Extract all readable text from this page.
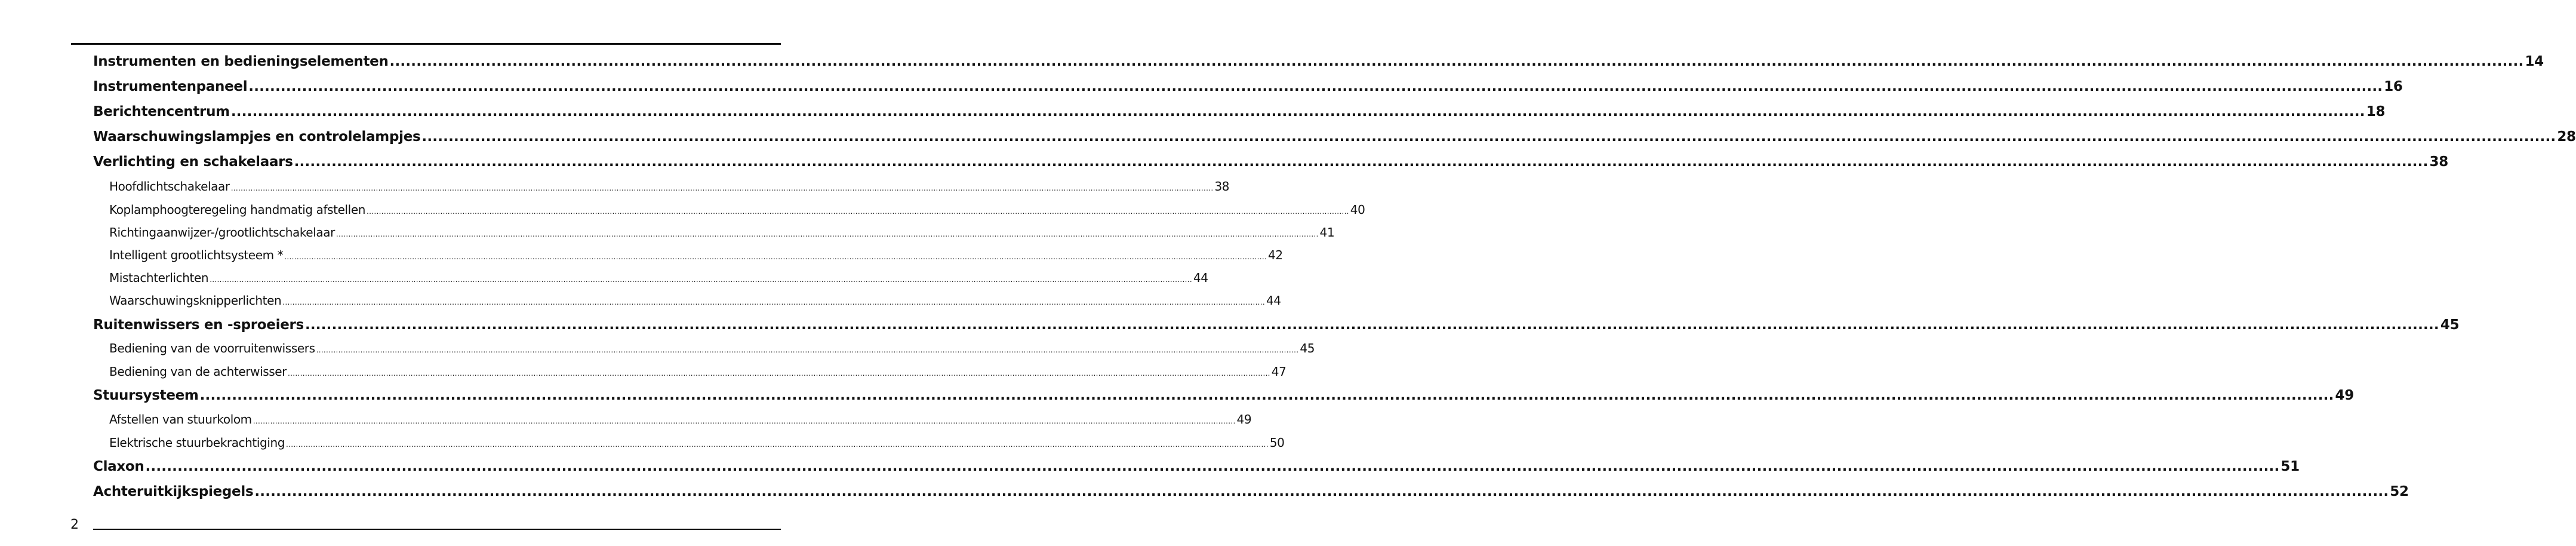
Instrumenten en bedieningselementen ................................................................................................................................................................................................................................................................................................................................................................................................................ 14
Instrumentenpaneel ................................................................................................................................................................................................................................................................................................................................................................................................................ 16
Berichtencentrum ................................................................................................................................................................................................................................................................................................................................................................................................................ 18
Waarschuwingslampjes en controlelampjes ................................................................................................................................................................................................................................................................................................................................................................................................................ 28
Verlichting en schakelaars ................................................................................................................................................................................................................................................................................................................................................................................................................ 38
Hoofdlichtschakelaar ................................................................................................................................................................................................................................................................................................................................................................................................................ 38
Koplamphoogteregeling handmatig afstellen ................................................................................................................................................................................................................................................................................................................................................................................................................ 40
Richtingaanwijzer-/grootlichtschakelaar ................................................................................................................................................................................................................................................................................................................................................................................................................ 41
Intelligent grootlichtsysteem * ................................................................................................................................................................................................................................................................................................................................................................................................................ 42
Mistachterlichten ................................................................................................................................................................................................................................................................................................................................................................................................................ 44
Waarschuwingsknipperlichten ................................................................................................................................................................................................................................................................................................................................................................................................................ 44
Ruitenwissers en -sproeiers ................................................................................................................................................................................................................................................................................................................................................................................................................ 45
Bediening van de voorruitenwissers ................................................................................................................................................................................................................................................................................................................................................................................................................ 45
Bediening van de achterwisser ................................................................................................................................................................................................................................................................................................................................................................................................................ 47
Stuursysteem ................................................................................................................................................................................................................................................................................................................................................................................................................ 49
Afstellen van stuurkolom ................................................................................................................................................................................................................................................................................................................................................................................................................ 49
Elektrische stuurbekrachtiging ................................................................................................................................................................................................................................................................................................................................................................................................................ 50
Claxon ................................................................................................................................................................................................................................................................................................................................................................................................................ 51
Achteruitkijkspiegels ................................................................................................................................................................................................................................................................................................................................................................................................................ 52
2
